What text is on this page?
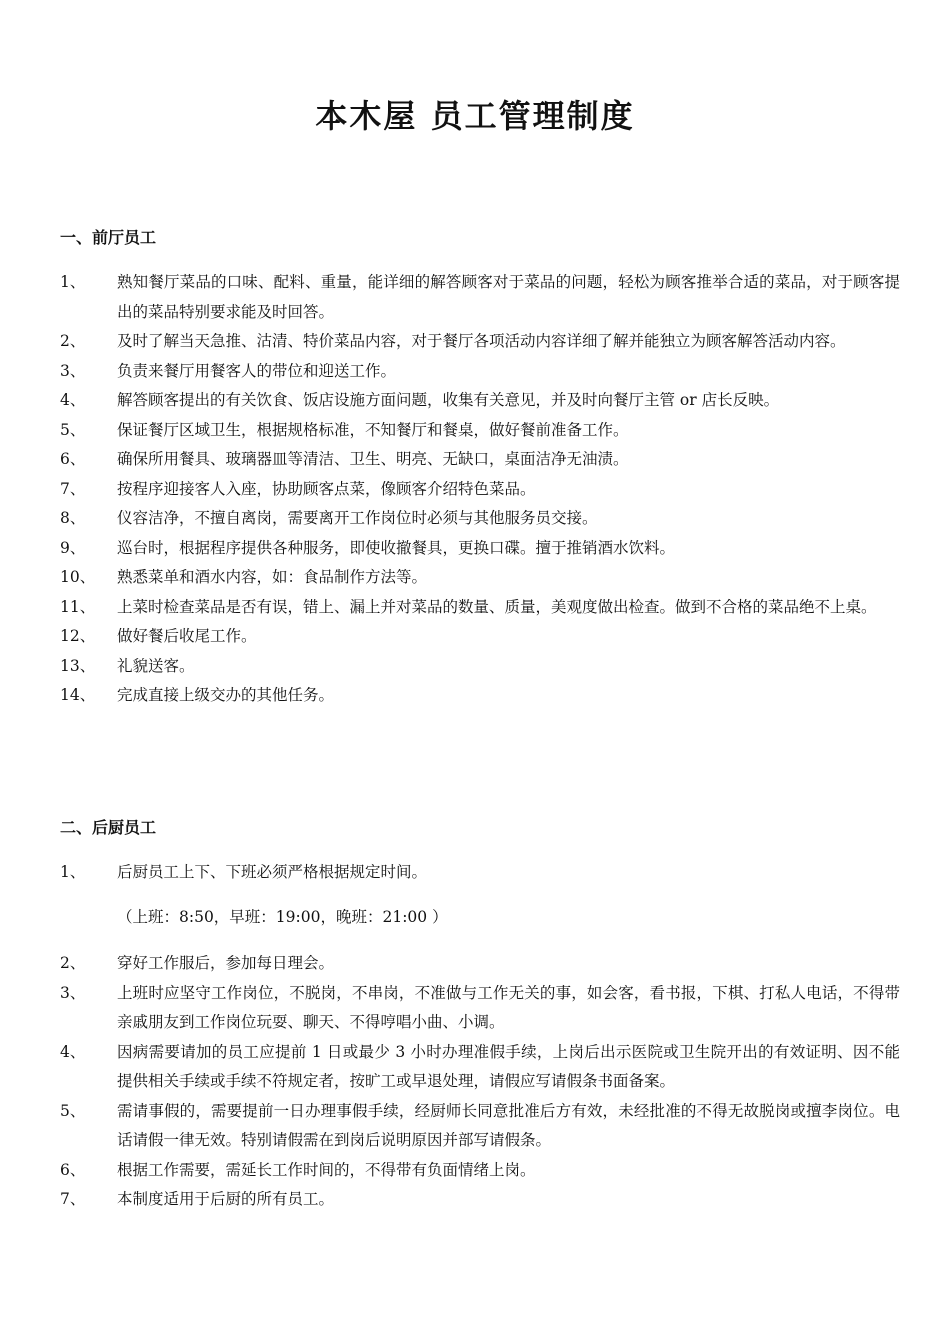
本木屋 员工管理制度
一、前厅员工
1、	熟知餐厅菜品的口味、配料、重量，能详细的解答顾客对于菜品的问题，轻松为顾客推举合适的菜品，对于顾客提出的菜品特别要求能及时回答。
2、	及时了解当天急推、沽清、特价菜品内容，对于餐厅各项活动内容详细了解并能独立为顾客解答活动内容。
3、	负责来餐厅用餐客人的带位和迎送工作。
4、	解答顾客提出的有关饮食、饭店设施方面问题，收集有关意见，并及时向餐厅主管 or 店长反映。
5、	保证餐厅区域卫生，根据规格标准，不知餐厅和餐桌，做好餐前准备工作。
6、	确保所用餐具、玻璃器皿等清洁、卫生、明亮、无缺口，桌面洁净无油渍。
7、	按程序迎接客人入座，协助顾客点菜，像顾客介绍特色菜品。
8、	仪容洁净，不擅自离岗，需要离开工作岗位时必须与其他服务员交接。
9、	巡台时，根据程序提供各种服务，即使收撤餐具，更换口碟。擅于推销酒水饮料。
10、	熟悉菜单和酒水内容，如：食品制作方法等。
11、	上菜时检查菜品是否有误，错上、漏上并对菜品的数量、质量，美观度做出检查。做到不合格的菜品绝不上桌。
12、	做好餐后收尾工作。
13、	礼貌送客。
14、	完成直接上级交办的其他任务。
二、后厨员工
1、	后厨员工上下、下班必须严格根据规定时间。
（上班：8:50，早班：19:00，晚班：21:00 ）
2、	穿好工作服后，参加每日理会。
3、	上班时应坚守工作岗位，不脱岗，不串岗，不准做与工作无关的事，如会客，看书报，下棋、打私人电话，不得带亲戚朋友到工作岗位玩耍、聊天、不得哼唱小曲、小调。
4、	因病需要请加的员工应提前 1 日或最少 3 小时办理准假手续，上岗后出示医院或卫生院开出的有效证明、因不能提供相关手续或手续不符规定者，按旷工或早退处理，请假应写请假条书面备案。
5、	需请事假的，需要提前一日办理事假手续，经厨师长同意批准后方有效，未经批准的不得无故脱岗或擅李岗位。电话请假一律无效。特别请假需在到岗后说明原因并部写请假条。
6、	根据工作需要，需延长工作时间的，不得带有负面情绪上岗。
7、	本制度适用于后厨的所有员工。
